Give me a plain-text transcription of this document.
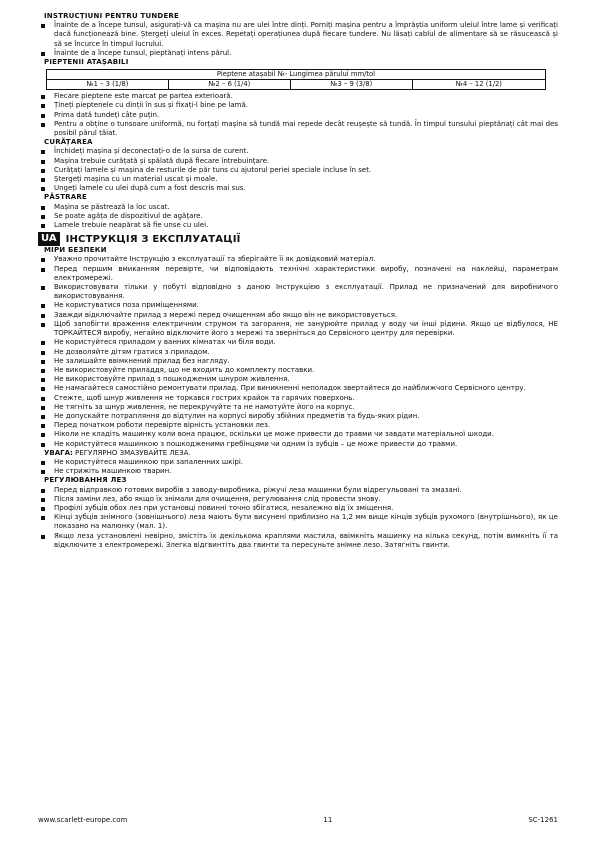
INSTRUCȚIUNI PENTRU TUNDERE
Înainte de a începe tunsul, asigurați-vă ca mașina nu are ulei între dinți. Porniți mașina pentru a împrăștia uniform uleiul între lame și verificați dacă funcționează bine. Ștergeți uleiul în exces. Repetați operațiunea după fiecare tundere. Nu lăsați cablul de alimentare să se răsucească și să se încurce în timpul lucrului.
Înainte de a începe tunsul, pieptănați intens părul.
PIEPTENII ATAȘABILI
Pieptene atașabil №- Lungimea părului mm/tol
№1 – 3 (1/8)	№2 – 6 (1/4)	№3 – 9 (3/8)	№4 – 12 (1/2)
Fiecare pieptene este marcat pe partea exterioară.
Țineți pieptenele cu dinții în sus și fixați-l bine pe lamă.
Prima dată tundeți câte puțin.
Pentru a obține o tunsoare uniformă, nu forțați mașina să tundă mai repede decât reușește să tundă. În timpul tunsului pieptănați cât mai des posibil părul tăiat.
CURĂȚAREA
Închideți mașina și deconectați-o de la sursa de curent.
Mașina trebuie curățată și spălată după fiecare întrebuințare.
Curățați lamele și mașina de resturile de păr tuns cu ajutorul periei speciale incluse în set.
Ștergeți mașina cu un material uscat și moale.
Ungeți lamele cu ulei după cum a fost descris mai sus.
PĂSTRARE
Mașina se păstrează la loc uscat.
Se poate agăța de dispozitivul de agățare.
Lamele trebuie neapărat să fie unse cu ulei.
UA ІНСТРУКЦІЯ З ЕКСПЛУАТАЦІЇ
МІРИ БЕЗПЕКИ
Уважно прочитайте Інструкцію з експлуатації та зберігайте її як довідковий матеріал.
Перед першим вмиканням перевірте, чи відповідають технічні характеристики виробу, позначені на наклейці, параметрам електромережі.
Використовувати тільки у побуті відповідно з даною Інструкцією з експлуатації. Прилад не призначений для виробничого використовування.
Не користуватися поза приміщеннями.
Завжди відключайте прилад з мережі перед очищенням або якщо він не використовується.
Щоб запобігти враження електричним струмом та загорання, не занурюйте прилад у воду чи інші рідини. Якщо це відбулося, НЕ ТОРКАЙТЕСЯ виробу, негайно відключите його з мережі та зверніться до Сервісного центру для перевірки.
Не користуйтеся приладом у ванних кімнатах чи біля води.
Не дозволяйте дітям гратися з приладом.
Не залишайте ввімкнений прилад без нагляду.
Не використовуйте приладдя, що не входить до комплекту поставки.
Не використовуйте прилад з пошкодженим шнуром живлення.
Не намагайтеся самостійно ремонтувати прилад. При виникненні неполадок звертайтеся до найближчого Сервісного центру.
Стежте, щоб шнур живлення не торкався гострих крайок та гарячих поверхонь.
Не тягніть за шнур живлення, не перекручуйте та не намотуйте його на корпус.
Не допускайте потрапляння до відтулин на корпусі виробу збійних предметів та будь-яких рідин.
Перед початком роботи перевірте вірність установки лез.
Ніколи не кладіть машинку коли вона працює, оскільки це може привести до травми чи завдати матеріальної шкоди.
Не користуйтеся машинкою з пошкодженими гребінцями чи одним із зубців – це може привести до травми.
УВАГА: РЕГУЛЯРНО ЗМАЗУВАЙТЕ ЛЕЗА.
Не користуйтеся машинкою при запаленних шкірі.
Не стрижіть машинкою тварин.
РЕГУЛЮВАННЯ ЛЕЗ
Перед відправкою готових виробів з заводу-виробника, ріжучі леза машинки були відрегульовані та змазані.
Після заміни лез, або якщо їх знімали для очищення, регулювання слід провести знову.
Профілі зубців обох лез при установці повинні точно збігатися, незалежно від їх зміщення.
Кінці зубців знімного (зовнішнього) леза мають бути висунені приблизно на 1,2 мм вище кінців зубців рухомого (внутрішнього), як це показано на малюнку (мал. 1).
Якщо леза установлені невірно, змістіть їх декількома краплями мастила, ввімкніть машинку на кілька секунд, потім вимкніть її та відключите з електромережі. Злегка відгвинтіть два гвинти та пересуньте знімне лезо. Затягніть гвинти.
www.scarlett-europe.com	11	SC-1261
